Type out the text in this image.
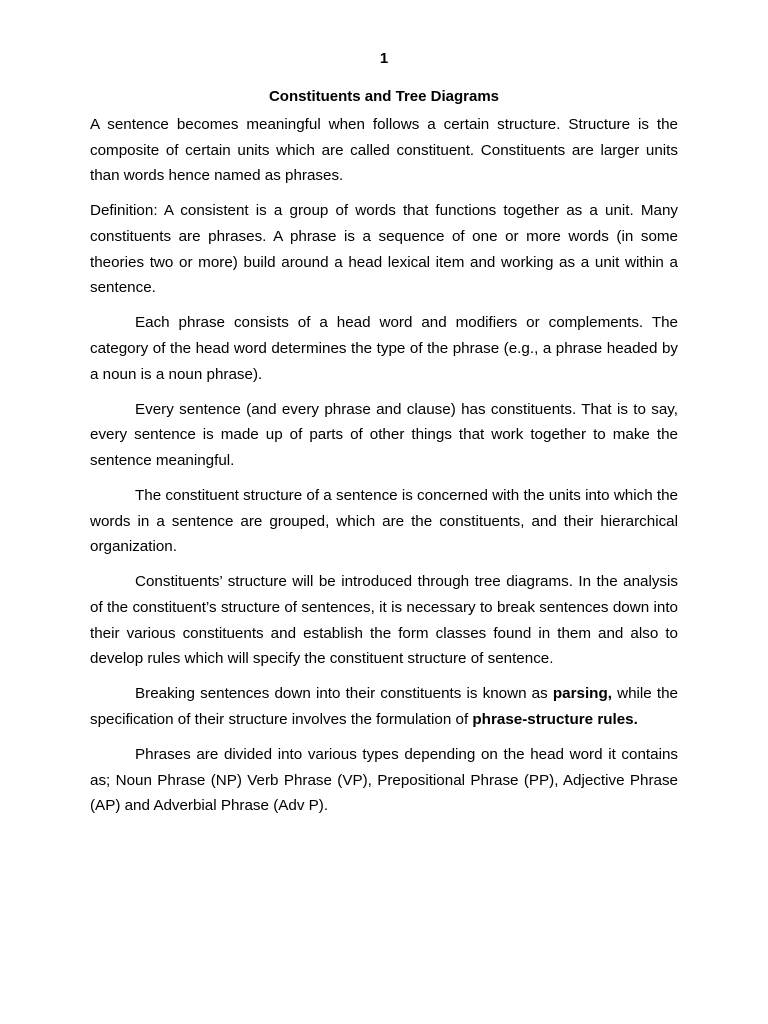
1
Constituents and Tree Diagrams

A sentence becomes meaningful when follows a certain structure. Structure is the composite of certain units which are called constituent. Constituents are larger units than words hence named as phrases.

Definition: A consistent is a group of words that functions together as a unit. Many constituents are phrases. A phrase is a sequence of one or more words (in some theories two or more) build around a head lexical item and working as a unit within a sentence.

Each phrase consists of a head word and modifiers or complements. The category of the head word determines the type of the phrase (e.g., a phrase headed by a noun is a noun phrase).

Every sentence (and every phrase and clause) has constituents. That is to say, every sentence is made up of parts of other things that work together to make the sentence meaningful.

The constituent structure of a sentence is concerned with the units into which the words in a sentence are grouped, which are the constituents, and their hierarchical organization.

Constituents’ structure will be introduced through tree diagrams. In the analysis of the constituent’s structure of sentences, it is necessary to break sentences down into their various constituents and establish the form classes found in them and also to develop rules which will specify the constituent structure of sentence.

Breaking sentences down into their constituents is known as parsing, while the specification of their structure involves the formulation of phrase-structure rules.

Phrases are divided into various types depending on the head word it contains as; Noun Phrase (NP) Verb Phrase (VP), Prepositional Phrase (PP), Adjective Phrase (AP) and Adverbial Phrase (Adv P).
